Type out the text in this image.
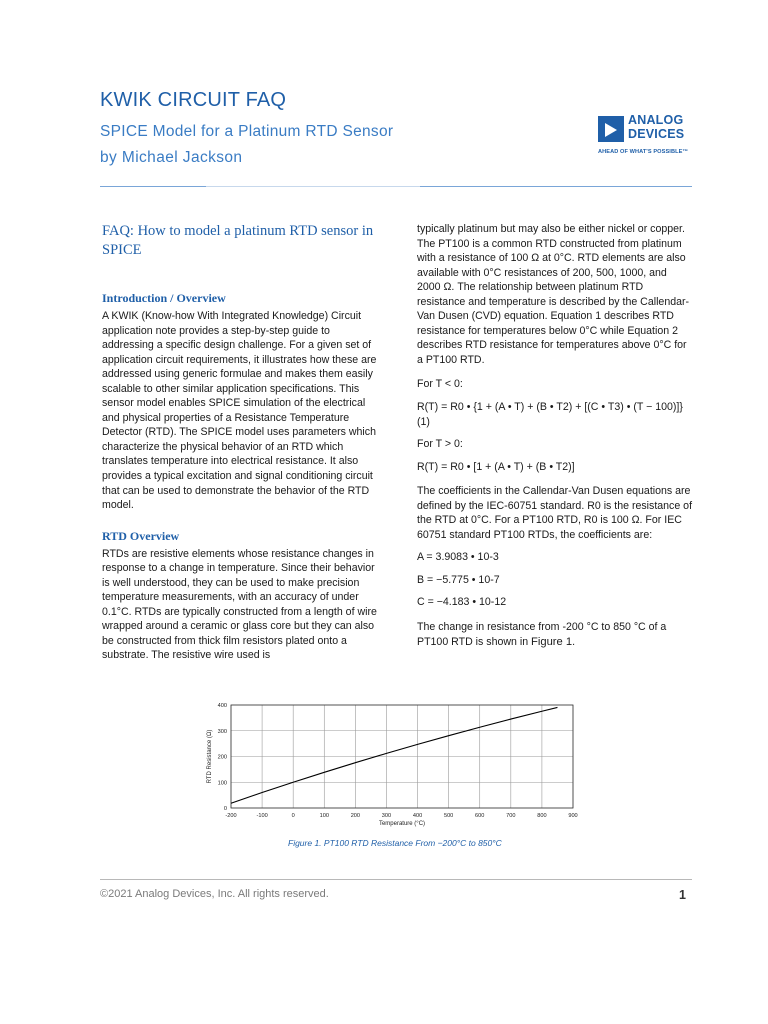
KWIK CIRCUIT FAQ
SPICE Model for a Platinum RTD Sensor
by Michael Jackson
ANALOG
DEVICES
AHEAD OF WHAT'S POSSIBLE™

FAQ: How to model a platinum RTD sensor in SPICE

Introduction / Overview

A KWIK (Know-how With Integrated Knowledge) Circuit application note provides a step-by-step guide to addressing a specific design challenge. For a given set of application circuit requirements, it illustrates how these are addressed using generic formulae and makes them easily scalable to other similar application specifications. This sensor model enables SPICE simulation of the electrical and physical properties of a Resistance Temperature Detector (RTD). The SPICE model uses parameters which characterize the physical behavior of an RTD which translates temperature into electrical resistance. It also provides a typical excitation and signal conditioning circuit that can be used to demonstrate the behavior of the RTD model.

RTD Overview

RTDs are resistive elements whose resistance changes in response to a change in temperature. Since their behavior is well understood, they can be used to make precision temperature measurements, with an accuracy of under 0.1°C. RTDs are typically constructed from a length of wire wrapped around a ceramic or glass core but they can also be constructed from thick film resistors plated onto a substrate. The resistive wire used is

typically platinum but may also be either nickel or copper. The PT100 is a common RTD constructed from platinum with a resistance of 100 Ω at 0°C. RTD elements are also available with 0°C resistances of 200, 500, 1000, and 2000 Ω. The relationship between platinum RTD resistance and temperature is described by the Callendar-Van Dusen (CVD) equation. Equation 1 describes RTD resistance for temperatures below 0°C while Equation 2 describes RTD resistance for temperatures above 0°C for a PT100 RTD.

For T < 0:

R(T) = R0 • {1 + (A • T) + (B • T2) + [(C • T3) • (T − 100)]} (1)

For T > 0:

R(T) = R0 • [1 + (A • T) + (B • T2)]

The coefficients in the Callendar-Van Dusen equations are defined by the IEC-60751 standard. R0 is the resistance of the RTD at 0°C. For a PT100 RTD, R0 is 100 Ω. For IEC 60751 standard PT100 RTDs, the coefficients are:

A = 3.9083 • 10-3

B = −5.775 • 10-7

C = −4.183 • 10-12

The change in resistance from -200 °C to 850 °C of a PT100 RTD is shown in Figure 1.

-200	-100	0	100	200	300	400	500	600	700	800	900
0
100
200
300
400
Temperature (°C)
RTD Resistance (Ω)
Figure 1. PT100 RTD Resistance From −200°C to 850°C
©2021 Analog Devices, Inc. All rights reserved.	1
